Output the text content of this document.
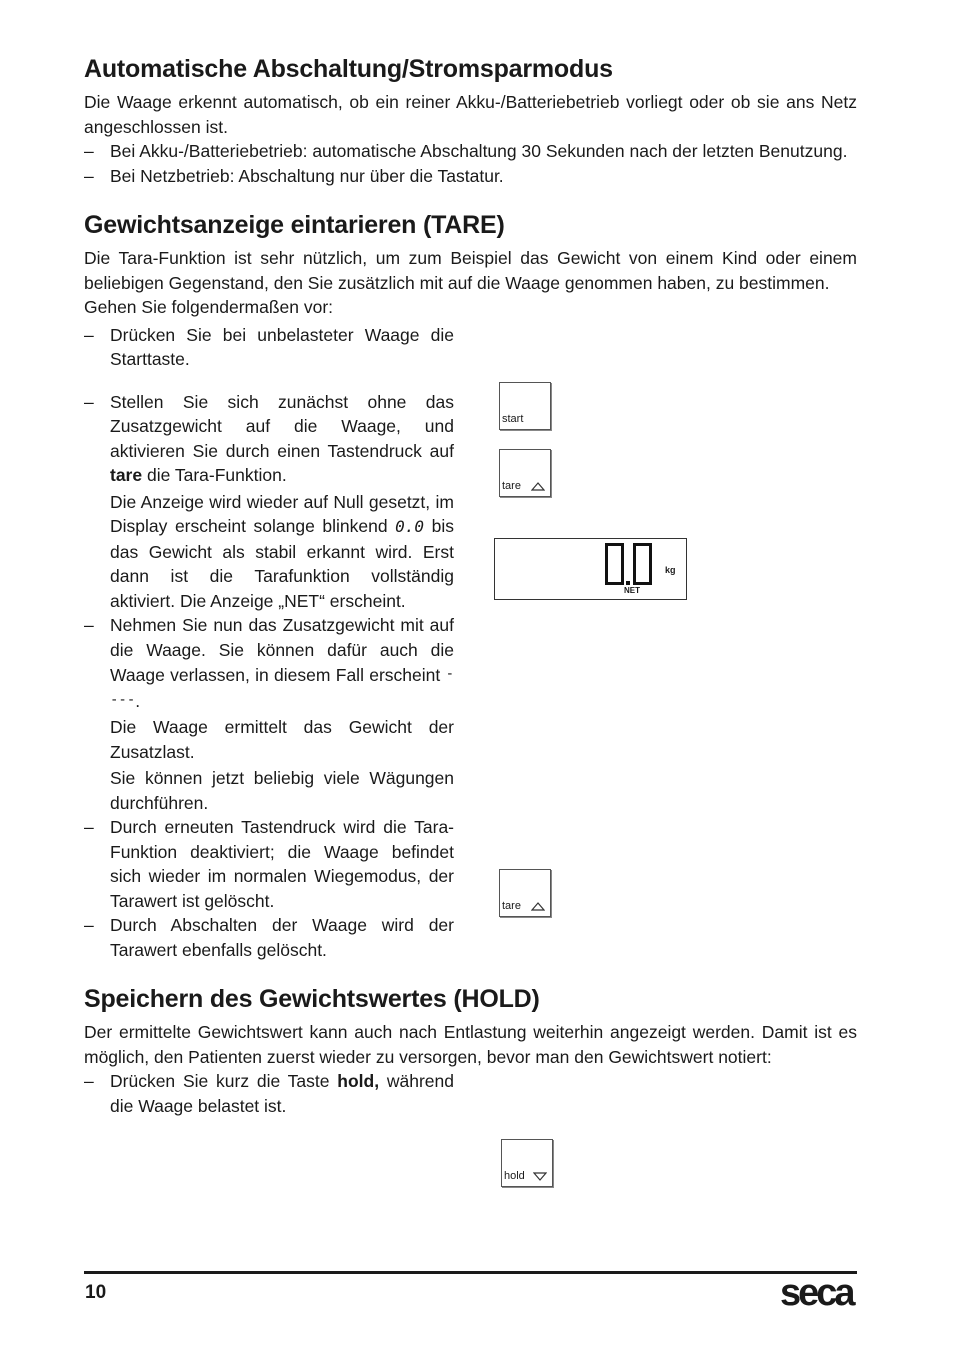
Automatische Abschaltung/Stromsparmodus

Die Waage erkennt automatisch, ob ein reiner Akku-/Batteriebetrieb vorliegt oder ob sie ans Netz angeschlossen ist.

– Bei Akku-/Batteriebetrieb: automatische Abschaltung 30 Sekunden nach der letzten Benutzung.
– Bei Netzbetrieb: Abschaltung nur über die Tastatur.
Gewichtsanzeige eintarieren (TARE)

Die Tara-Funktion ist sehr nützlich, um zum Beispiel das Gewicht von einem Kind oder einem beliebigen Gegenstand, den Sie zusätzlich mit auf die Waage genommen haben, zu bestimmen.

Gehen Sie folgendermaßen vor:

– Drücken Sie bei unbelasteter Waage die Starttaste.
– Stellen Sie sich zunächst ohne das Zusatzgewicht auf die Waage, und aktivieren Sie durch einen Tastendruck auf tare die Tara-Funktion.
Die Anzeige wird wieder auf Null gesetzt, im Display erscheint solange blinkend 0.0 bis das Gewicht als stabil erkannt wird. Erst dann ist die Tarafunktion vollständig aktiviert. Die Anzeige „NET“ erscheint.
– Nehmen Sie nun das Zusatzgewicht mit auf die Waage. Sie können dafür auch die Waage verlassen, in diesem Fall erscheint ----.
Die Waage ermittelt das Gewicht der Zusatzlast.
Sie können jetzt beliebig viele Wägungen durchführen.
– Durch erneuten Tastendruck wird die Tara-Funktion deaktiviert; die Waage befindet sich wieder im normalen Wiegemodus, der Tarawert ist gelöscht.
– Durch Abschalten der Waage wird der Tarawert ebenfalls gelöscht.
Speichern des Gewichtswertes (HOLD)

Der ermittelte Gewichtswert kann auch nach Entlastung weiterhin angezeigt werden. Damit ist es möglich, den Patienten zuerst wieder zu versorgen, bevor man den Gewichtswert notiert:

– Drücken Sie kurz die Taste hold, während die Waage belastet ist.
start
tare
kg
NET
tare
hold
10	seca
